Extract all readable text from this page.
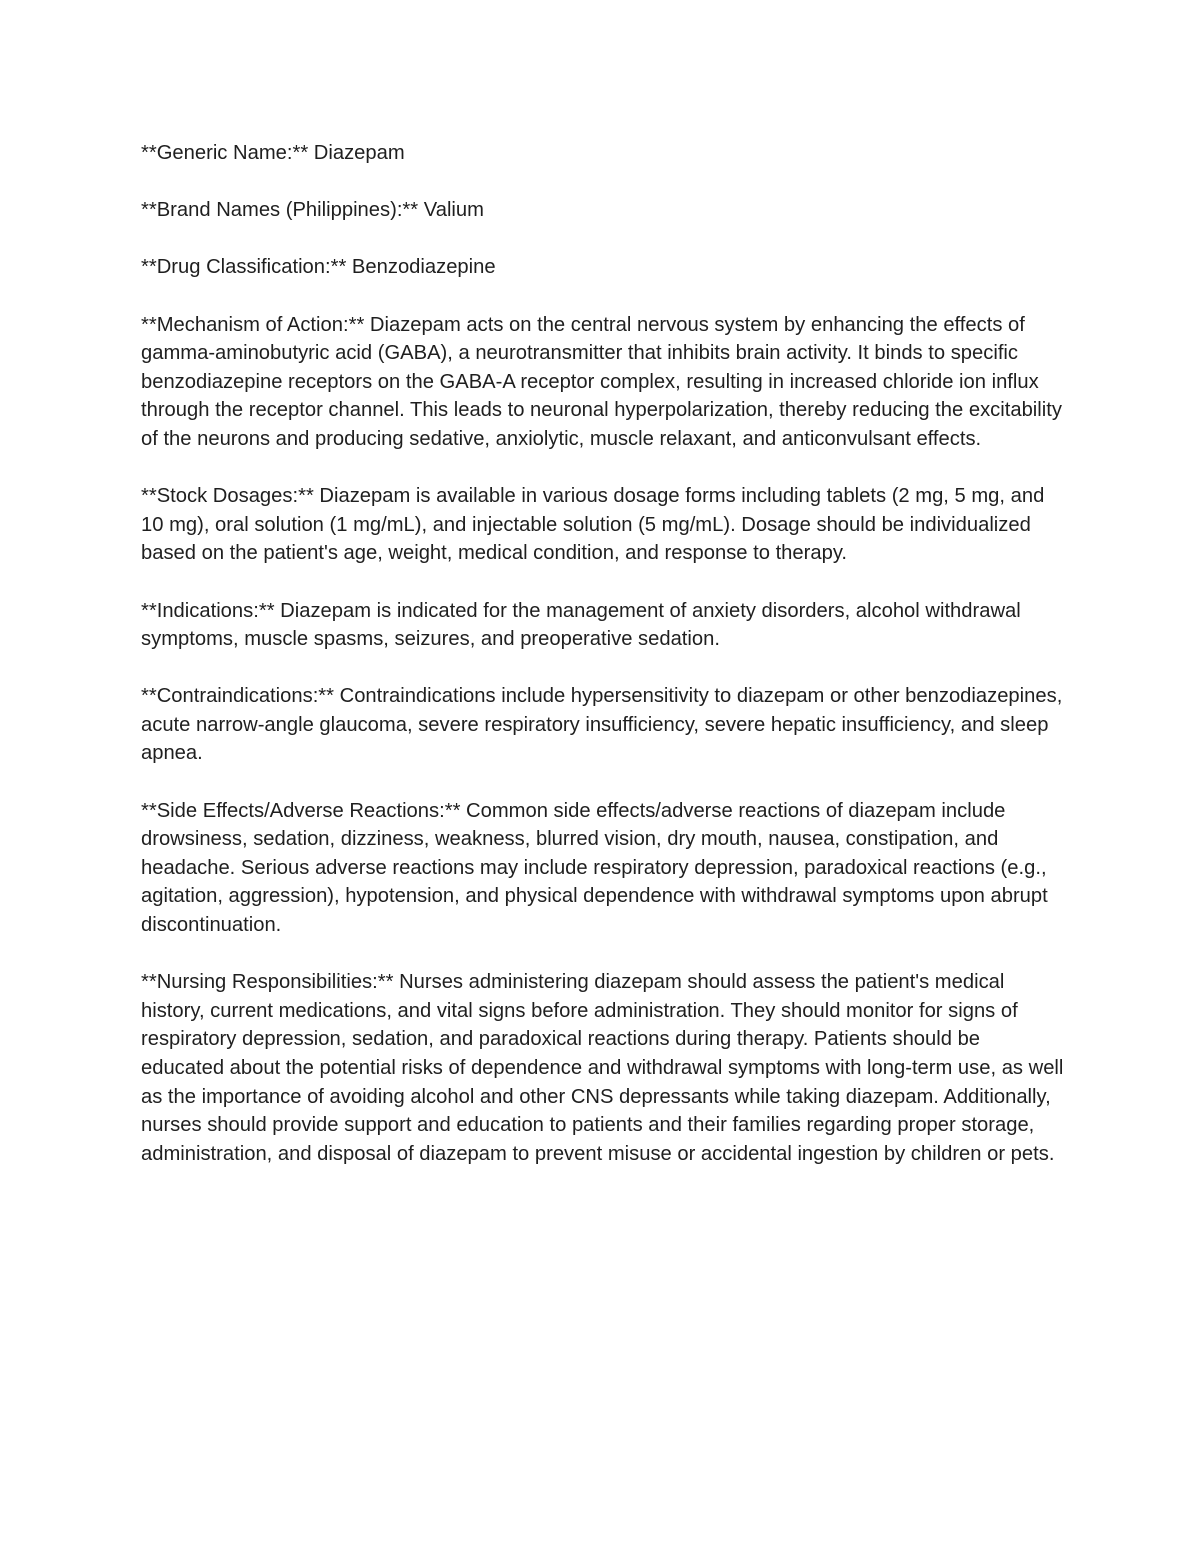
**Generic Name:** Diazepam

**Brand Names (Philippines):** Valium

**Drug Classification:** Benzodiazepine

**Mechanism of Action:** Diazepam acts on the central nervous system by enhancing the effects of gamma-aminobutyric acid (GABA), a neurotransmitter that inhibits brain activity. It binds to specific benzodiazepine receptors on the GABA-A receptor complex, resulting in increased chloride ion influx through the receptor channel. This leads to neuronal hyperpolarization, thereby reducing the excitability of the neurons and producing sedative, anxiolytic, muscle relaxant, and anticonvulsant effects.

**Stock Dosages:** Diazepam is available in various dosage forms including tablets (2 mg, 5 mg, and 10 mg), oral solution (1 mg/mL), and injectable solution (5 mg/mL). Dosage should be individualized based on the patient's age, weight, medical condition, and response to therapy.

**Indications:** Diazepam is indicated for the management of anxiety disorders, alcohol withdrawal symptoms, muscle spasms, seizures, and preoperative sedation.

**Contraindications:** Contraindications include hypersensitivity to diazepam or other benzodiazepines, acute narrow-angle glaucoma, severe respiratory insufficiency, severe hepatic insufficiency, and sleep apnea.

**Side Effects/Adverse Reactions:** Common side effects/adverse reactions of diazepam include drowsiness, sedation, dizziness, weakness, blurred vision, dry mouth, nausea, constipation, and headache. Serious adverse reactions may include respiratory depression, paradoxical reactions (e.g., agitation, aggression), hypotension, and physical dependence with withdrawal symptoms upon abrupt discontinuation.

**Nursing Responsibilities:** Nurses administering diazepam should assess the patient's medical history, current medications, and vital signs before administration. They should monitor for signs of respiratory depression, sedation, and paradoxical reactions during therapy. Patients should be educated about the potential risks of dependence and withdrawal symptoms with long-term use, as well as the importance of avoiding alcohol and other CNS depressants while taking diazepam. Additionally, nurses should provide support and education to patients and their families regarding proper storage, administration, and disposal of diazepam to prevent misuse or accidental ingestion by children or pets.
